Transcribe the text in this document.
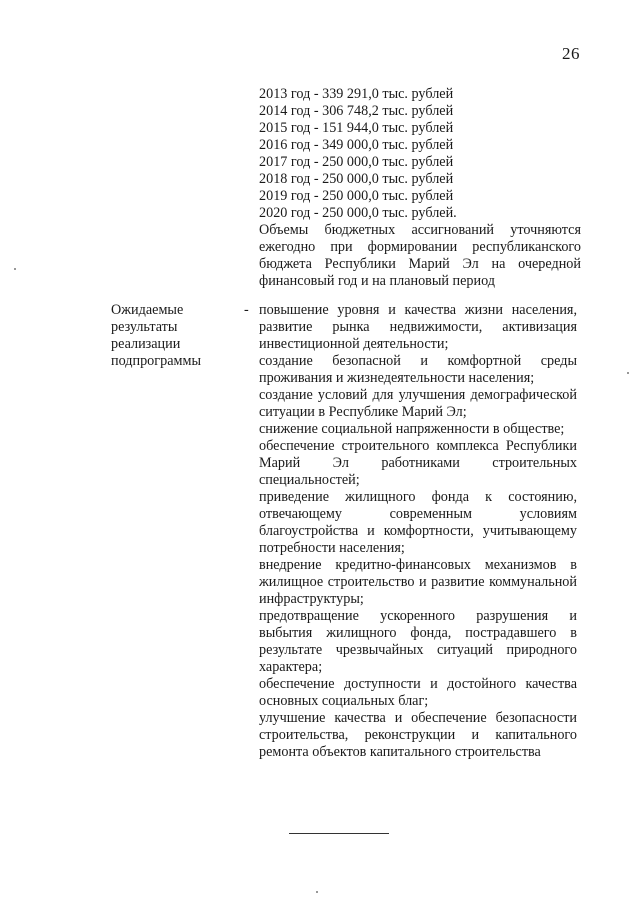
26
2013 год - 339 291,0 тыс. рублей
2014 год - 306 748,2 тыс. рублей
2015 год - 151 944,0 тыс. рублей
2016 год - 349 000,0 тыс. рублей
2017 год - 250 000,0 тыс. рублей
2018 год - 250 000,0 тыс. рублей
2019 год - 250 000,0 тыс. рублей
2020 год - 250 000,0 тыс. рублей.
Объемы бюджетных ассигнований уточняются ежегодно при формировании республиканского бюджета Республики Марий Эл на очередной финансовый год и на плановый период
Ожидаемые
результаты
реализации
подпрограммы
- повышение уровня и качества жизни населения, развитие рынка недвижимости, активизация инвестиционной деятельности;
создание безопасной и комфортной среды проживания и жизнедеятельности населения;
создание условий для улучшения демографической ситуации в Республике Марий Эл;
снижение социальной напряженности в обществе;
обеспечение строительного комплекса Республики Марий Эл работниками строительных специальностей;
приведение жилищного фонда к состоянию, отвечающему современным условиям благоустройства и комфортности, учитывающему потребности населения;
внедрение кредитно-финансовых механизмов в жилищное строительство и развитие коммунальной инфраструктуры;
предотвращение ускоренного разрушения и выбытия жилищного фонда, пострадавшего в результате чрезвычайных ситуаций природного характера;
обеспечение доступности и достойного качества основных социальных благ;
улучшение качества и обеспечение безопасности строительства, реконструкции и капитального ремонта объектов капитального строительства
